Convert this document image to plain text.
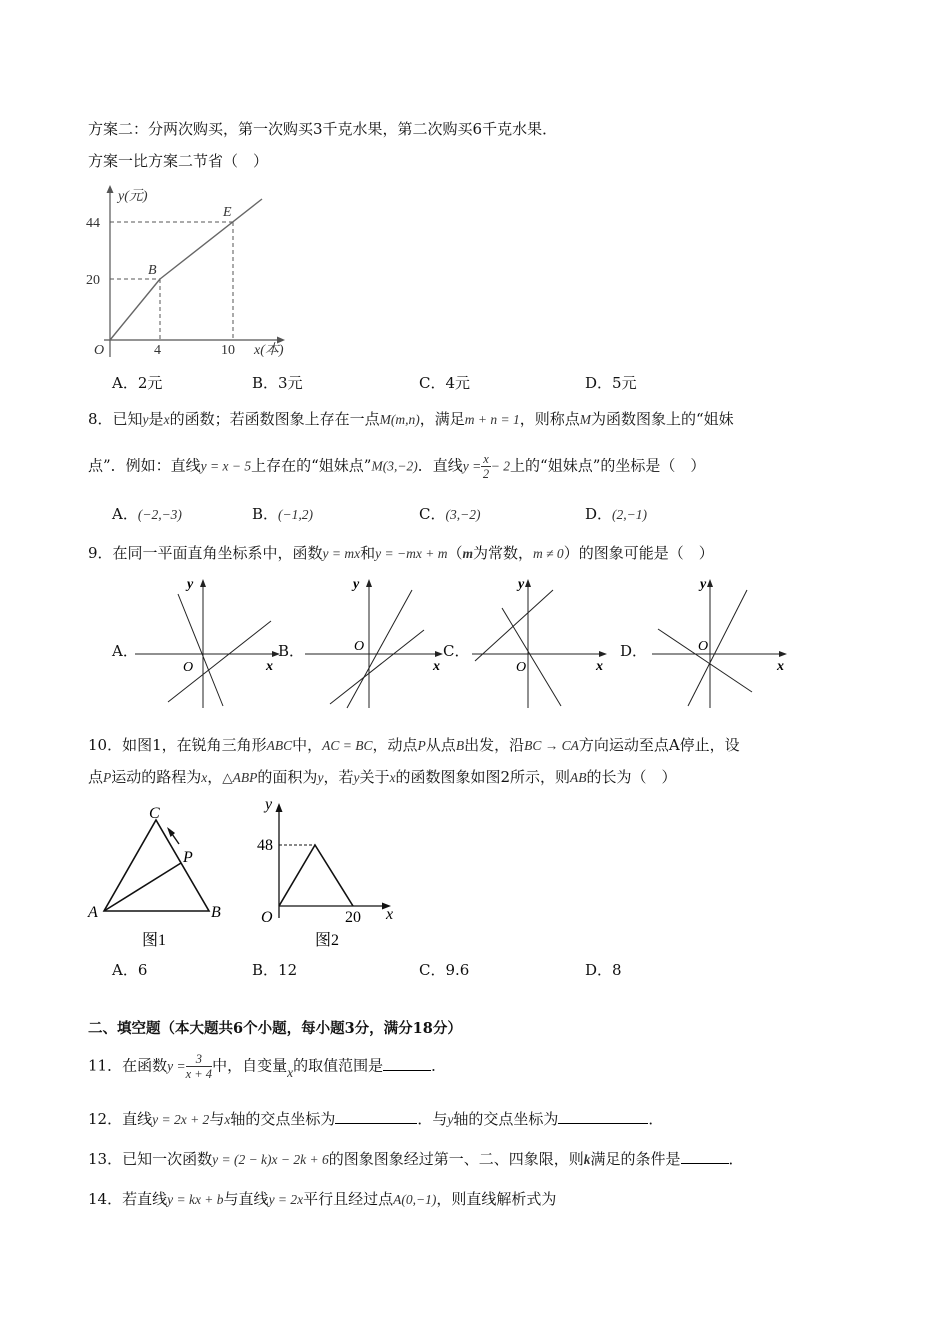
方案二：分两次购买，第一次购买3千克水果，第二次购买6千克水果．
方案一比方案二节省（　）
y(元)
44
20
O	4	10 x(本)
B
E
A．2元	B．3元	C．4元	D．5元
8．已知y是x的函数；若函数图象上存在一点M(m,n)，满足m + n = 1，则称点M为函数图象上的“姐妹
点”．例如：直线y = x − 5上存在的“姐妹点”M(3,−2)．直线$y = \frac{x}{2} - 2$上的“姐妹点”的坐标是（　）
A．(−2,−3)	B．(−1,2)	C．(3,−2)	D．(2,−1)
9．在同一平面直角坐标系中，函数y = mx和y = −mx + m（m为常数，m ≠ 0）的图象可能是（　）
A．
y
x
O
B．
y
x
O	C．
y
x
O
D．
y
x
O
10．如图1，在锐角三角形ABC中，AC = BC，动点P从点B出发，沿BC → CA方向运动至点A停止，设
点P运动的路程为x，△ABP的面积为y，若y关于x的函数图象如图2所示，则AB的长为（　）
C
P
A	B
图1
y
48
O	20 x
图2
A．6	B．12	C．9.6	D．8
二、填空题（本大题共6个小题，每小题3分，满分18分）
11．在函数$y = \frac{3}{x + 4}$ 中，自变量x的取值范围是	．
12．直线y = 2x + 2与x轴的交点坐标为	．与y轴的交点坐标为	．
13．已知一次函数y = (2 − k)x − 2k + 6的图象图象经过第一、二、四象限，则k满足的条件是	．
14．若直线y = kx + b与直线y = 2x平行且经过点A(0,−1)，则直线解析式为
